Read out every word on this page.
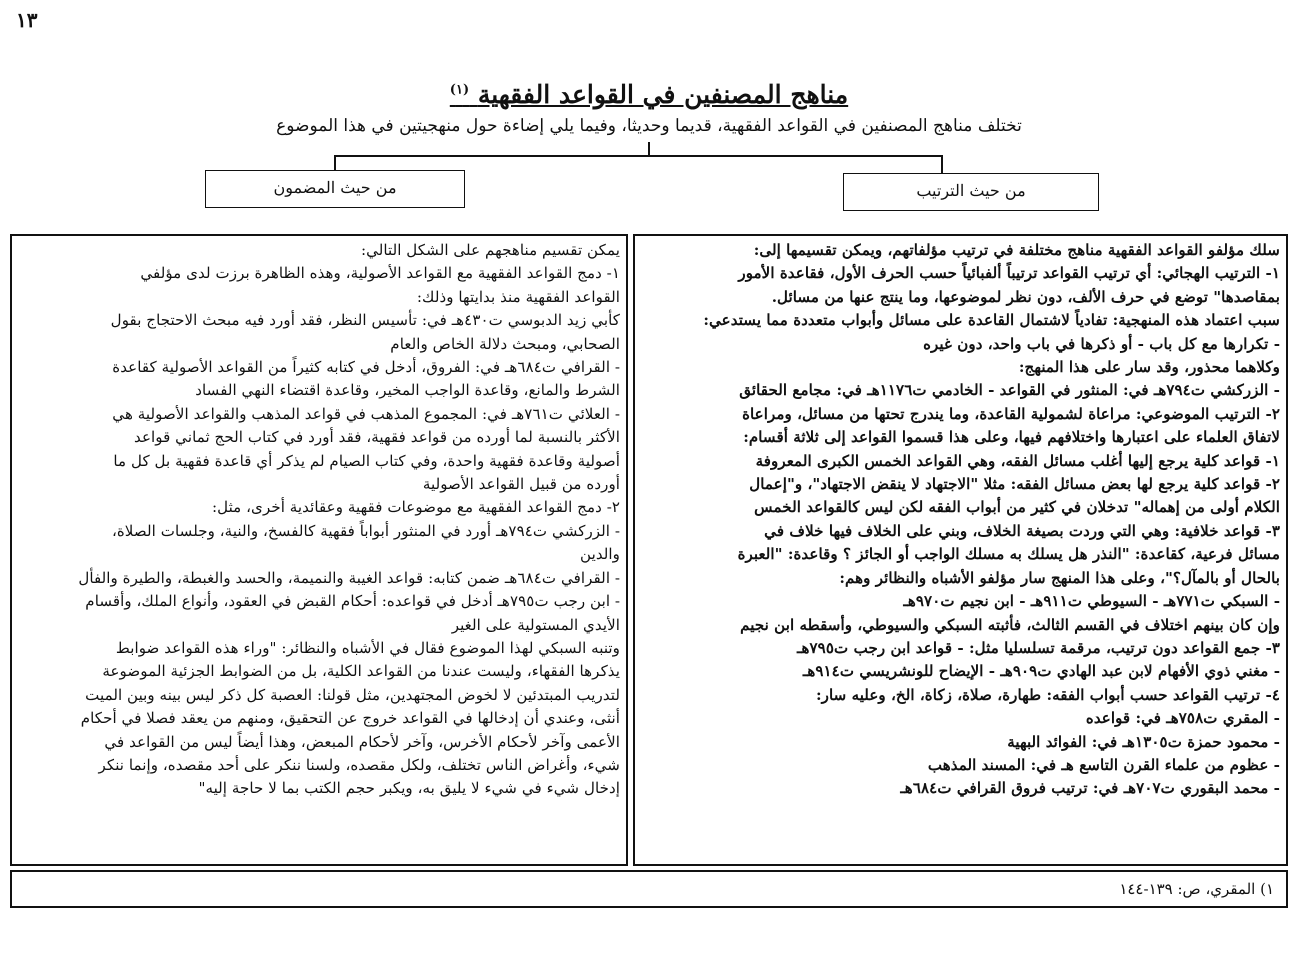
١٣
مناهج المصنفين في القواعد الفقهية $^{(١)}$
تختلف مناهج المصنفين في القواعد الفقهية، قديما وحديثا، وفيما يلي إضاءة حول منهجيتين في هذا الموضوع
من حيث المضمون	من حيث الترتيب
سلك مؤلفو القواعد الفقهية مناهج مختلفة في ترتيب مؤلفاتهم، ويمكن تقسيمها إلى:
١- الترتيب الهجائي: أي ترتيب القواعد ترتيباً ألفبائياً حسب الحرف الأول، فقاعدة الأمور
بمقاصدها" توضع في حرف الألف، دون نظر لموضوعها، وما ينتج عنها من مسائل.
سبب اعتماد هذه المنهجية: تفادياً لاشتمال القاعدة على مسائل وأبواب متعددة مما يستدعي:
- تكرارها مع كل باب - أو ذكرها في باب واحد، دون غيره
وكلاهما محذور، وقد سار على هذا المنهج:
- الزركشي ت٧٩٤هـ في: المنثور في القواعد - الخادمي ت١١٧٦هـ في: مجامع الحقائق
٢- الترتيب الموضوعي: مراعاة لشمولية القاعدة، وما يندرج تحتها من مسائل، ومراعاة
لاتفاق العلماء على اعتبارها واختلافهم فيها، وعلى هذا قسموا القواعد إلى ثلاثة أقسام:
١- قواعد كلية يرجع إليها أغلب مسائل الفقه، وهي القواعد الخمس الكبرى المعروفة
٢- قواعد كلية يرجع لها بعض مسائل الفقه: مثلا "الاجتهاد لا ينقض الاجتهاد"، و"إعمال
الكلام أولى من إهماله" تدخلان في كثير من أبواب الفقه لكن ليس كالقواعد الخمس
٣- قواعد خلافية: وهي التي وردت بصيغة الخلاف، وبني على الخلاف فيها خلاف في
مسائل فرعية، كقاعدة: "النذر هل يسلك به مسلك الواجب أو الجائز ؟ وقاعدة: "العبرة
بالحال أو بالمآل؟"، وعلى هذا المنهج سار مؤلفو الأشباه والنظائر وهم:
- السبكي ت٧٧١هـ - السيوطي ت٩١١هـ - ابن نجيم ت٩٧٠هـ
وإن كان بينهم اختلاف في القسم الثالث، فأثبته السبكي والسيوطي، وأسقطه ابن نجيم
٣- جمع القواعد دون ترتيب، مرقمة تسلسليا مثل: - قواعد ابن رجب ت٧٩٥هـ
- مغني ذوي الأفهام لابن عبد الهادي ت٩٠٩هـ - الإيضاح للونشريسي ت٩١٤هـ
٤- ترتيب القواعد حسب أبواب الفقه: طهارة، صلاة، زكاة، الخ، وعليه سار:
- المقري ت٧٥٨هـ في: قواعده
- محمود حمزة ت١٣٠٥هـ في: الفوائد البهية
- عظوم من علماء القرن التاسع هـ في: المسند المذهب
- محمد البقوري ت٧٠٧هـ في: ترتيب فروق القرافي ت٦٨٤هـ
يمكن تقسيم مناهجهم على الشكل التالي:
١- دمج القواعد الفقهية مع القواعد الأصولية، وهذه الظاهرة برزت لدى مؤلفي
القواعد الفقهية منذ بدايتها وذلك:
كأبي زيد الدبوسي ت٤٣٠هـ في: تأسيس النظر، فقد أورد فيه مبحث الاحتجاج بقول
الصحابي، ومبحث دلالة الخاص والعام
- القرافي ت٦٨٤هـ في: الفروق، أدخل في كتابه كثيراً من القواعد الأصولية كقاعدة
الشرط والمانع، وقاعدة الواجب المخير، وقاعدة اقتضاء النهي الفساد
- العلائي ت٧٦١هـ في: المجموع المذهب في قواعد المذهب والقواعد الأصولية هي
الأكثر بالنسبة لما أورده من قواعد فقهية، فقد أورد في كتاب الحج ثماني قواعد
أصولية وقاعدة فقهية واحدة، وفي كتاب الصيام لم يذكر أي قاعدة فقهية بل كل ما
أورده من قبيل القواعد الأصولية
٢- دمج القواعد الفقهية مع موضوعات فقهية وعقائدية أخرى، مثل:
- الزركشي ت٧٩٤هـ أورد في المنثور أبواباً فقهية كالفسخ، والنية، وجلسات الصلاة،
والدين
- القرافي ت٦٨٤هـ ضمن كتابه: قواعد الغيبة والنميمة، والحسد والغبطة، والطيرة والفأل
- ابن رجب ت٧٩٥هـ أدخل في قواعده: أحكام القبض في العقود، وأنواع الملك، وأقسام
الأيدي المستولية على الغير
وتنبه السبكي لهذا الموضوع فقال في الأشباه والنظائر: "وراء هذه القواعد ضوابط
يذكرها الفقهاء، وليست عندنا من القواعد الكلية، بل من الضوابط الجزئية الموضوعة
لتدريب المبتدئين لا لخوض المجتهدين، مثل قولنا: العصبة كل ذكر ليس بينه وبين الميت
أنثى، وعندي أن إدخالها في القواعد خروج عن التحقيق، ومنهم من يعقد فصلا في أحكام
الأعمى وآخر لأحكام الأخرس، وآخر لأحكام المبعض، وهذا أيضاً ليس من القواعد في
شيء، وأغراض الناس تختلف، ولكل مقصده، ولسنا ننكر على أحد مقصده، وإنما ننكر
إدخال شيء في شيء لا يليق به، ويكبر حجم الكتب بما لا حاجة إليه"
١) المقري، ص: ١٣٩-١٤٤
